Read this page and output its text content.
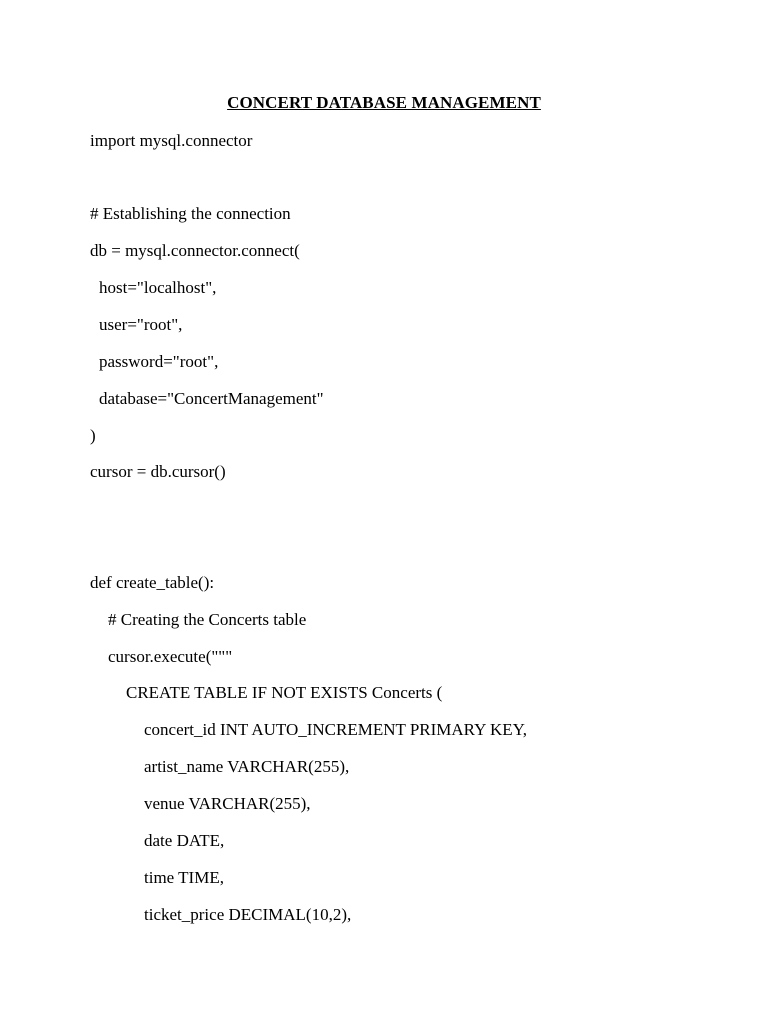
CONCERT DATABASE MANAGEMENT
import mysql.connector
# Establishing the connection
db = mysql.connector.connect(
host="localhost",
user="root",
password="root",
database="ConcertManagement"
)
cursor = db.cursor()
def create_table():
# Creating the Concerts table
cursor.execute("""
CREATE TABLE IF NOT EXISTS Concerts (
concert_id INT AUTO_INCREMENT PRIMARY KEY,
artist_name VARCHAR(255),
venue VARCHAR(255),
date DATE,
time TIME,
ticket_price DECIMAL(10,2),
